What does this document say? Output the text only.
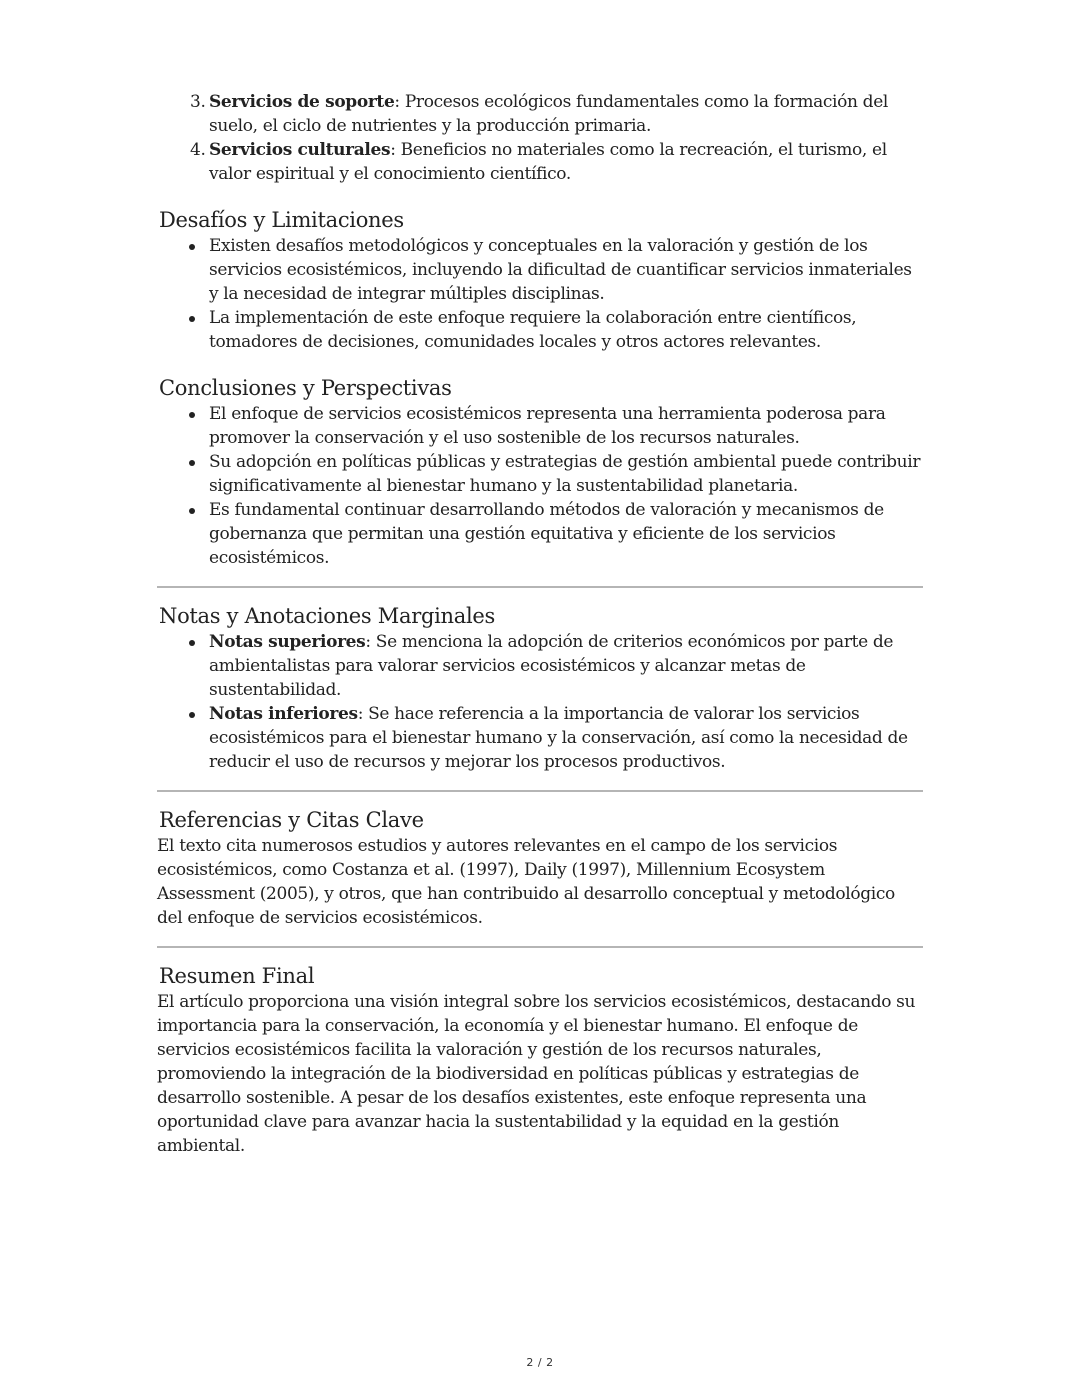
3. Servicios de soporte: Procesos ecológicos fundamentales como la formación del suelo, el ciclo de nutrientes y la producción primaria.
4. Servicios culturales: Beneficios no materiales como la recreación, el turismo, el valor espiritual y el conocimiento científico.
Desafíos y Limitaciones
Existen desafíos metodológicos y conceptuales en la valoración y gestión de los servicios ecosistémicos, incluyendo la dificultad de cuantificar servicios inmateriales y la necesidad de integrar múltiples disciplinas.
La implementación de este enfoque requiere la colaboración entre científicos, tomadores de decisiones, comunidades locales y otros actores relevantes.
Conclusiones y Perspectivas
El enfoque de servicios ecosistémicos representa una herramienta poderosa para promover la conservación y el uso sostenible de los recursos naturales.
Su adopción en políticas públicas y estrategias de gestión ambiental puede contribuir significativamente al bienestar humano y la sustentabilidad planetaria.
Es fundamental continuar desarrollando métodos de valoración y mecanismos de gobernanza que permitan una gestión equitativa y eficiente de los servicios ecosistémicos.
Notas y Anotaciones Marginales
Notas superiores: Se menciona la adopción de criterios económicos por parte de ambientalistas para valorar servicios ecosistémicos y alcanzar metas de sustentabilidad.
Notas inferiores: Se hace referencia a la importancia de valorar los servicios ecosistémicos para el bienestar humano y la conservación, así como la necesidad de reducir el uso de recursos y mejorar los procesos productivos.
Referencias y Citas Clave

El texto cita numerosos estudios y autores relevantes en el campo de los servicios ecosistémicos, como Costanza et al. (1997), Daily (1997), Millennium Ecosystem Assessment (2005), y otros, que han contribuido al desarrollo conceptual y metodológico del enfoque de servicios ecosistémicos.

Resumen Final

El artículo proporciona una visión integral sobre los servicios ecosistémicos, destacando su importancia para la conservación, la economía y el bienestar humano. El enfoque de servicios ecosistémicos facilita la valoración y gestión de los recursos naturales, promoviendo la integración de la biodiversidad en políticas públicas y estrategias de desarrollo sostenible. A pesar de los desafíos existentes, este enfoque representa una oportunidad clave para avanzar hacia la sustentabilidad y la equidad en la gestión ambiental.

2 / 2
